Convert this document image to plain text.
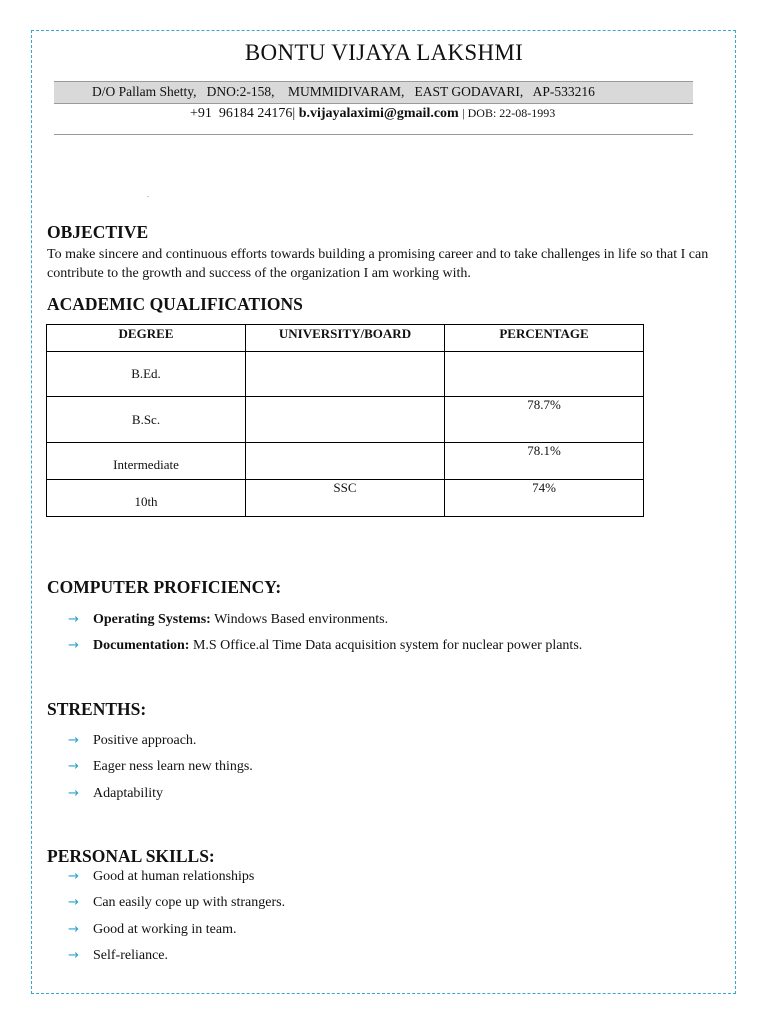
BONTU VIJAYA LAKSHMI
D/O Pallam Shetty,   DNO:2-158,    MUMMIDIVARAM,   EAST GODAVARI,   AP-533216
+91  96184 24176| b.vijayalaximi@gmail.com | DOB: 22-08-1993
.
OBJECTIVE
To make sincere and continuous efforts towards building a promising career and to take challenges in life so that I can contribute to the growth and success of the organization I am working with.
ACADEMIC QUALIFICATIONS
DEGREE	UNIVERSITY/BOARD	PERCENTAGE
B.Ed.		
B.Sc.		78.7%
Intermediate		78.1%
10th	SSC	74%
COMPUTER PROFICIENCY:
→ Operating Systems: Windows Based environments.
→ Documentation: M.S Office.al Time Data acquisition system for nuclear power plants.
STRENTHS:
→ Positive approach.
→ Eager ness learn new things.
→ Adaptability
PERSONAL SKILLS:
→ Good at human relationships
→ Can easily cope up with strangers.
→ Good at working in team.
→ Self-reliance.
